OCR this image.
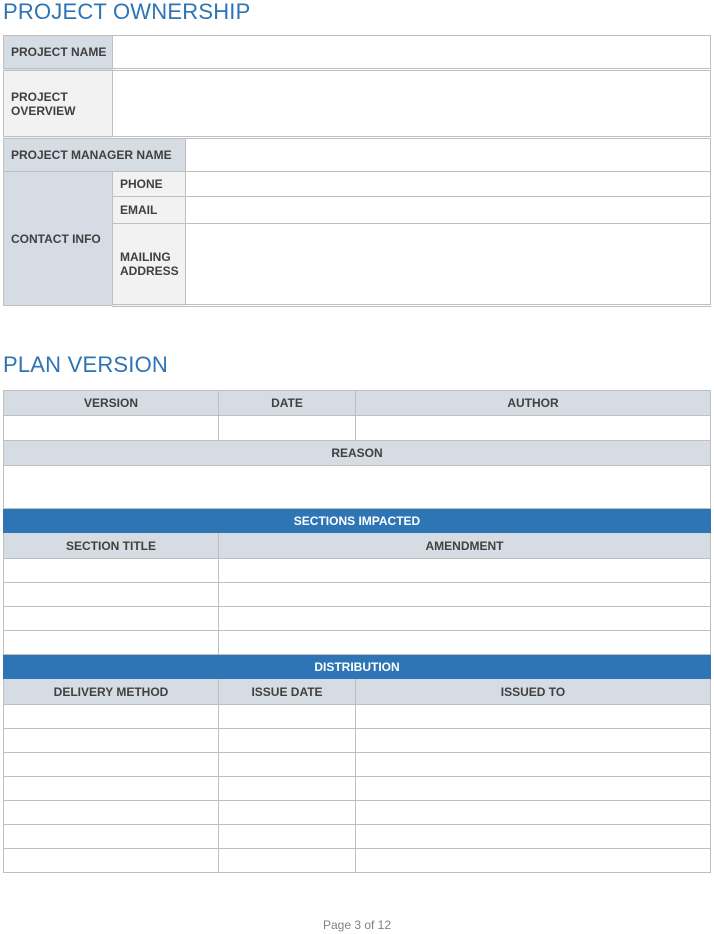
PROJECT OWNERSHIP
PROJECT NAME		

PROJECT OVERVIEW		

PROJECT MANAGER NAME		
CONTACT INFO	PHONE	
	EMAIL	

	MAILING ADDRESS	

PLAN VERSION
VERSION	DATE	AUTHOR

REASON		

SECTIONS IMPACTED		
SECTION TITLE	AMENDMENT	

DISTRIBUTION		
DELIVERY METHOD	ISSUE DATE	ISSUED TO

Page 3 of 12
